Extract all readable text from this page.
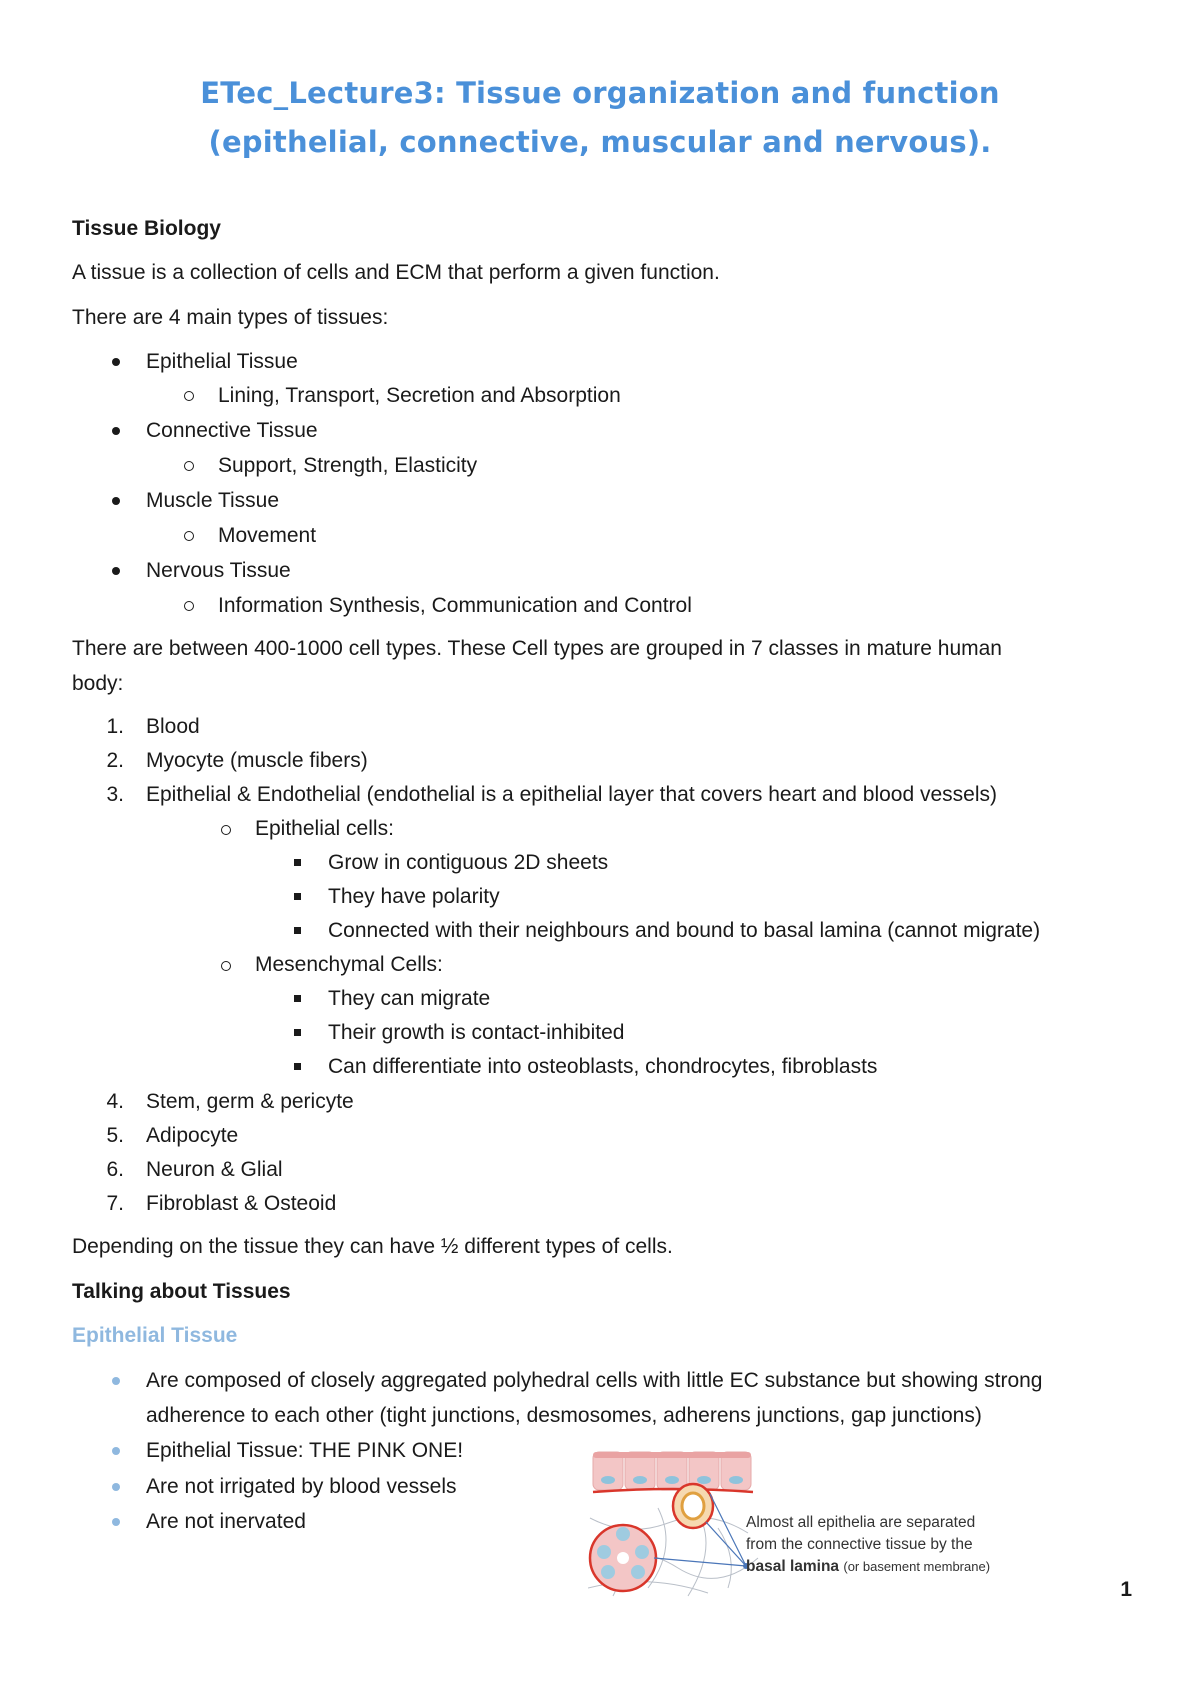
ETec_Lecture3: Tissue organization and function
(epithelial, connective, muscular and nervous).
Tissue Biology
A tissue is a collection of cells and ECM that perform a given function.
There are 4 main types of tissues:
Epithelial Tissue
Lining, Transport, Secretion and Absorption
Connective Tissue
Support, Strength, Elasticity
Muscle Tissue
Movement
Nervous Tissue
Information Synthesis, Communication and Control
There are between 400-1000 cell types. These Cell types are grouped in 7 classes in mature human
body:
1. Blood
2. Myocyte (muscle fibers)
3. Epithelial & Endothelial (endothelial is a epithelial layer that covers heart and blood vessels)
Epithelial cells:
Grow in contiguous 2D sheets
They have polarity
Connected with their neighbours and bound to basal lamina (cannot migrate)
Mesenchymal Cells:
They can migrate
Their growth is contact-inhibited
Can differentiate into osteoblasts, chondrocytes, fibroblasts
4. Stem, germ & pericyte
5. Adipocyte
6. Neuron & Glial
7. Fibroblast & Osteoid
Depending on the tissue they can have ½ different types of cells.
Talking about Tissues
Epithelial Tissue
Are composed of closely aggregated polyhedral cells with little EC substance but showing strong
adherence to each other (tight junctions, desmosomes, adherens junctions, gap junctions)
Epithelial Tissue: THE PINK ONE!
Are not irrigated by blood vessels
Are not inervated	Almost all epithelia are separated
from the connective tissue by the
basal lamina (or basement membrane)
1
